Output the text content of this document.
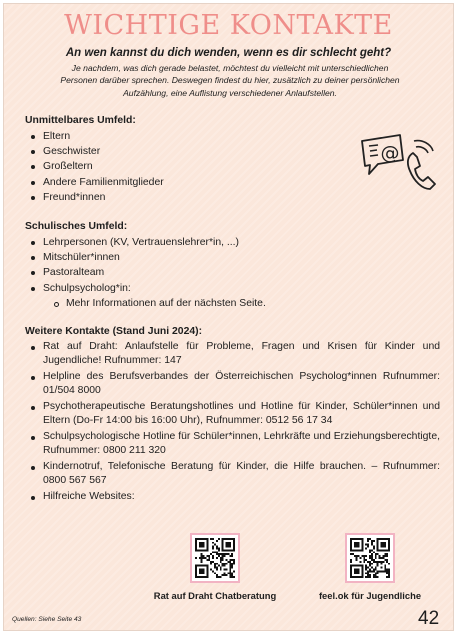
WICHTIGE KONTAKTE
An wen kannst du dich wenden, wenn es dir schlecht geht?
Je nachdem, was dich gerade belastet, möchtest du vielleicht mit unterschiedlichen
Personen darüber sprechen. Deswegen findest du hier, zusätzlich zu deiner persönlichen
Aufzählung, eine Auflistung verschiedener Anlaufstellen.
Unmittelbares Umfeld:
Eltern
Geschwister
Großeltern
Andere Familienmitglieder
Freund*innen
@
Schulisches Umfeld:
Lehrpersonen (KV, Vertrauenslehrer*in, ...)
Mitschüler*innen
Pastoralteam
Schulpsycholog*in:
Mehr Informationen auf der nächsten Seite.
Weitere Kontakte (Stand Juni 2024):
Rat auf Draht: Anlaufstelle für Probleme, Fragen und Krisen für Kinder und Jugendliche! Rufnummer: 147
Helpline des Berufsverbandes der Österreichischen Psycholog*innen Rufnummer: 01/504 8000
Psychotherapeutische Beratungshotlines und Hotline für Kinder, Schüler*innen und Eltern (Do-Fr 14:00 bis 16:00 Uhr), Rufnummer: 0512 56 17 34
Schulpsychologische Hotline für Schüler*innen, Lehrkräfte und Erziehungsberechtigte, Rufnummer: 0800 211 320
Kindernotruf, Telefonische Beratung für Kinder, die Hilfe brauchen. – Rufnummer: 0800 567 567
Hilfreiche Websites:
Rat auf Draht Chatberatung	feel.ok für Jugendliche
Quellen: Siehe Seite 43	42
